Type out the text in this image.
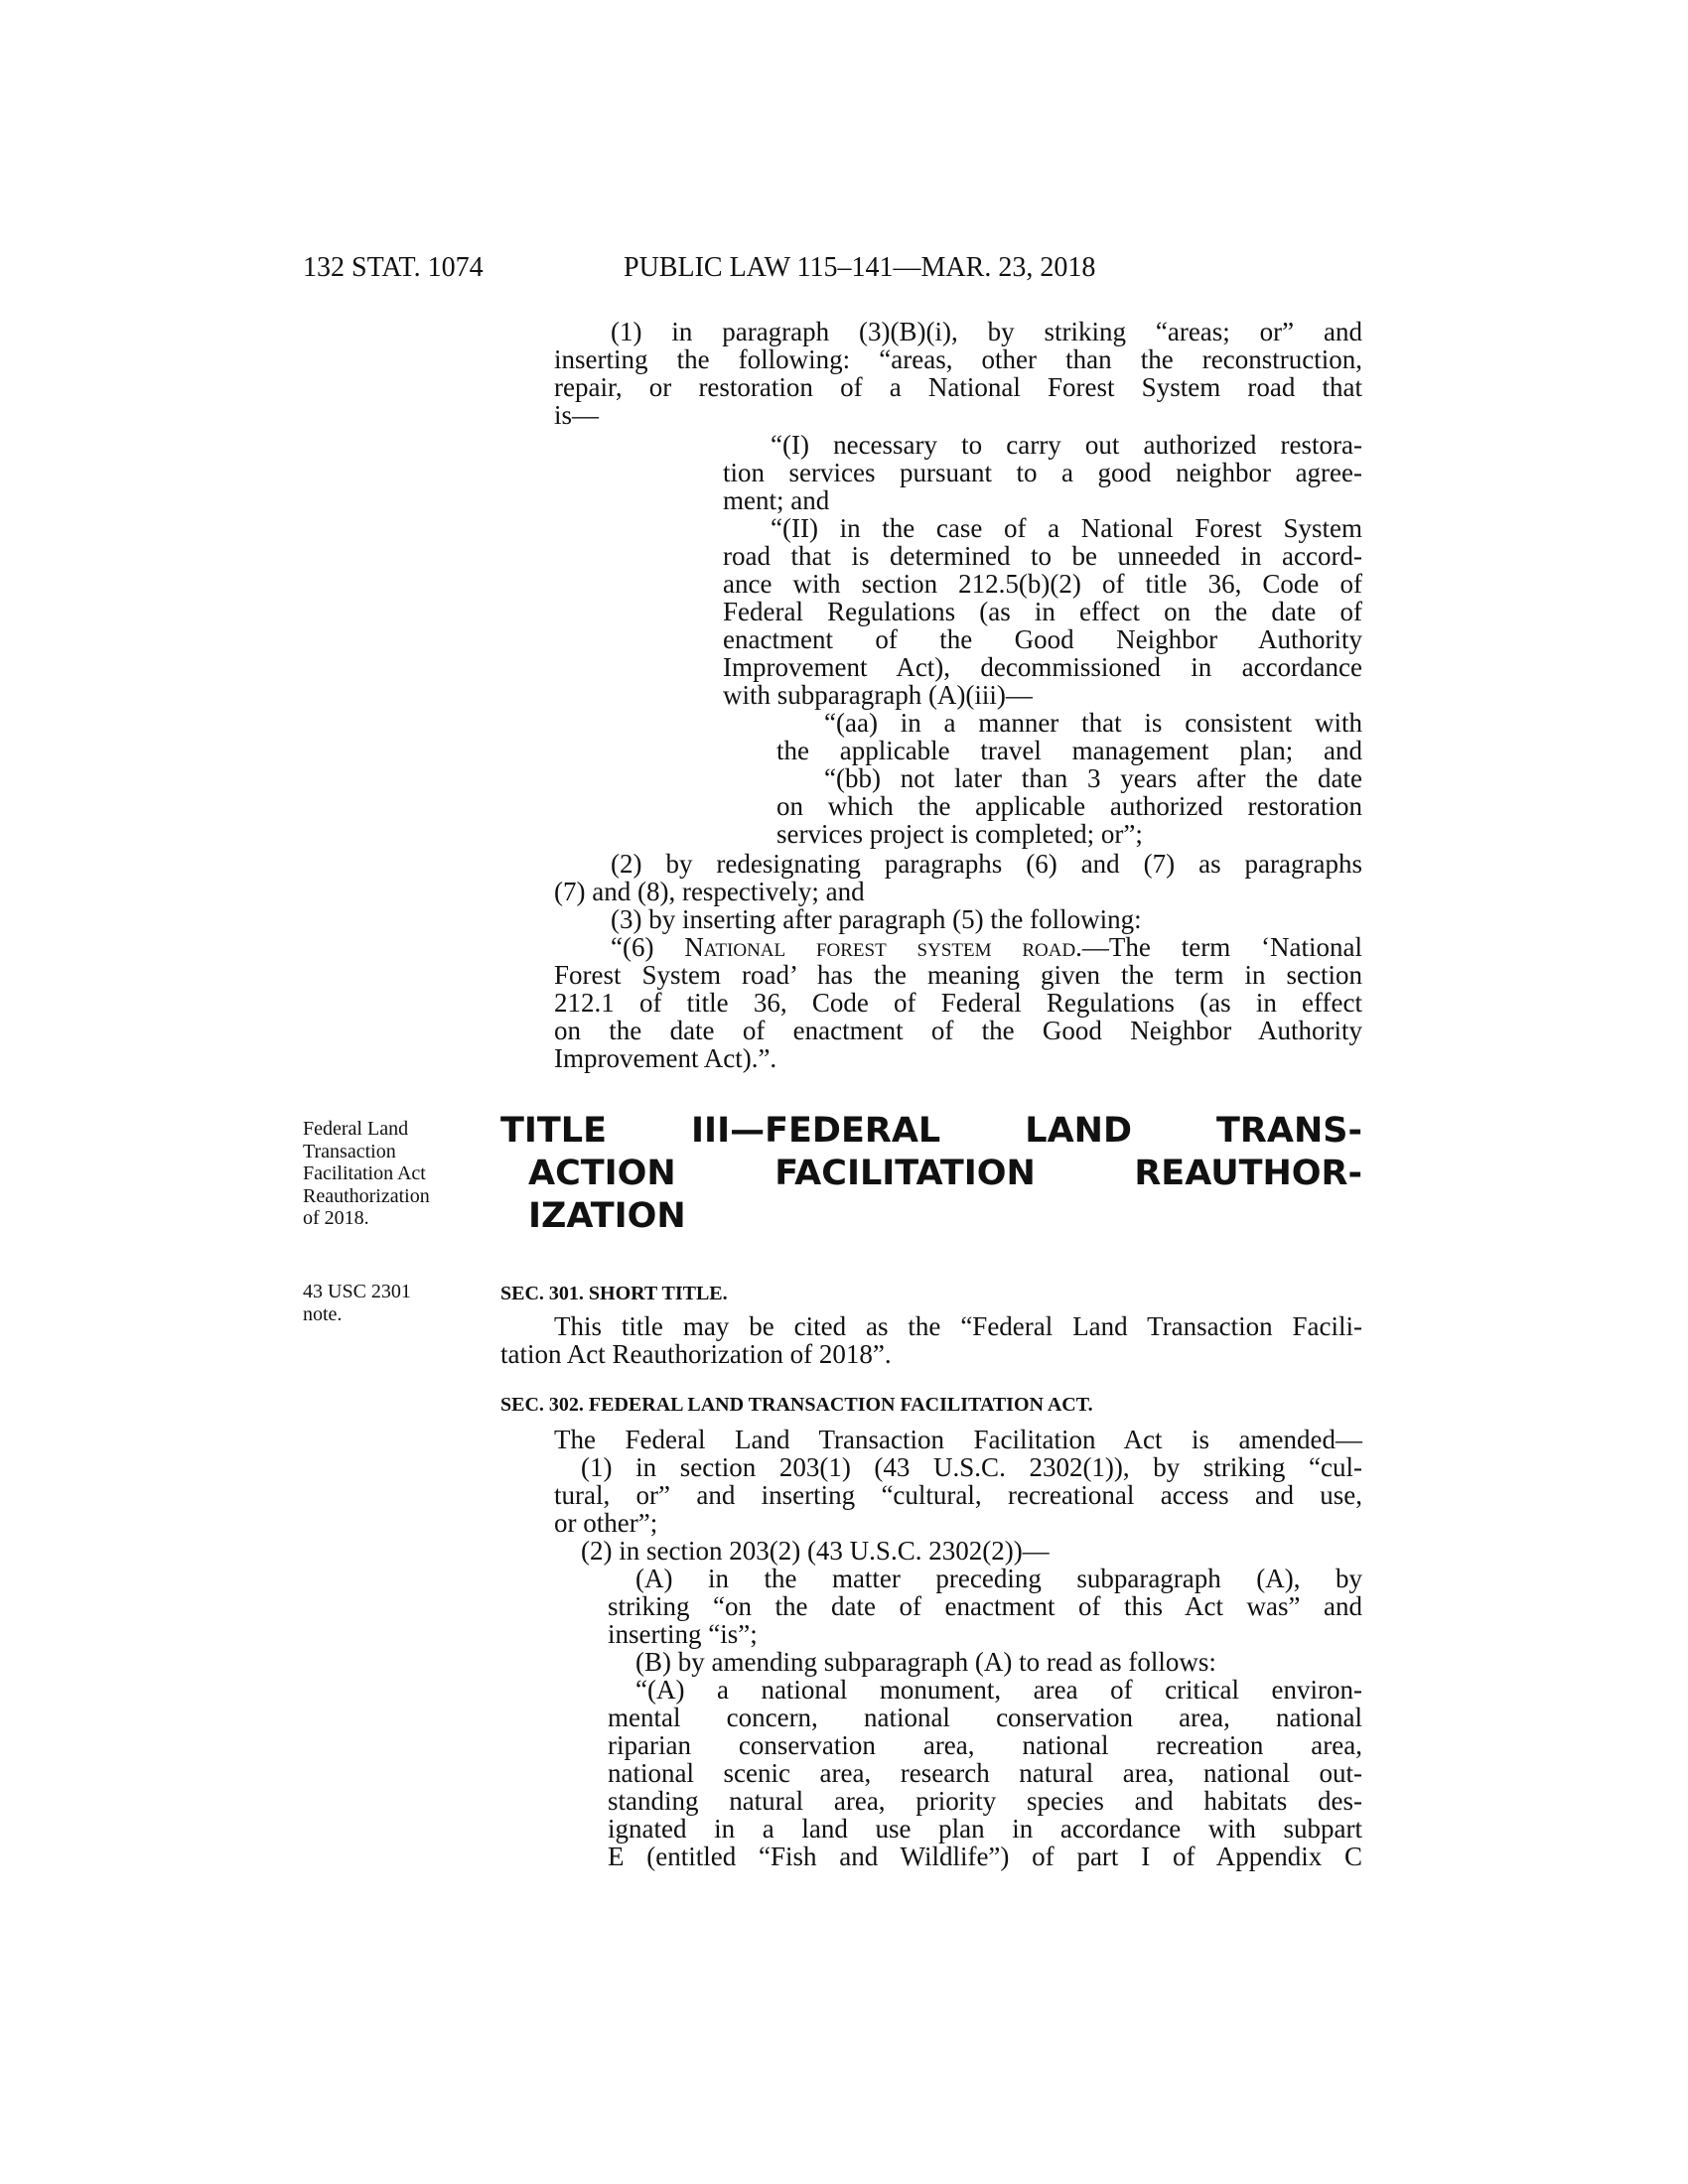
132 STAT. 1074	PUBLIC LAW 115–141—MAR. 23, 2018
(1) in paragraph (3)(B)(i), by striking “areas; or” and
inserting the following: “areas, other than the reconstruction,
repair, or restoration of a National Forest System road that
is—
“(I) necessary to carry out authorized restora-
tion services pursuant to a good neighbor agree-
ment; and
“(II) in the case of a National Forest System
road that is determined to be unneeded in accord-
ance with section 212.5(b)(2) of title 36, Code of
Federal Regulations (as in effect on the date of
enactment of the Good Neighbor Authority
Improvement Act), decommissioned in accordance
with subparagraph (A)(iii)—
“(aa) in a manner that is consistent with
the applicable travel management plan; and
“(bb) not later than 3 years after the date
on which the applicable authorized restoration
services project is completed; or”;
(2) by redesignating paragraphs (6) and (7) as paragraphs
(7) and (8), respectively; and
(3) by inserting after paragraph (5) the following:
“(6) National forest system road.—The term ‘National
Forest System road’ has the meaning given the term in section
212.1 of title 36, Code of Federal Regulations (as in effect
on the date of enactment of the Good Neighbor Authority
Improvement Act).”.
Federal Land
Transaction
Facilitation Act
Reauthorization
of 2018.
TITLE III—FEDERAL LAND TRANS-
ACTION	FACILITATION	REAUTHOR-
IZATION
43 USC 2301
note.
SEC. 301. SHORT TITLE.
This title may be cited as the “Federal Land Transaction Facili-
tation Act Reauthorization of 2018”.
SEC. 302. FEDERAL LAND TRANSACTION FACILITATION ACT.
The Federal Land Transaction Facilitation Act is amended—
(1) in section 203(1) (43 U.S.C. 2302(1)), by striking “cul-
tural, or” and inserting “cultural, recreational access and use,
or other”;
(2) in section 203(2) (43 U.S.C. 2302(2))—
(A) in the matter preceding subparagraph (A), by
striking “on the date of enactment of this Act was” and
inserting “is”;
(B) by amending subparagraph (A) to read as follows:
“(A) a national monument, area of critical environ-
mental concern, national conservation area, national
riparian conservation area, national recreation area,
national scenic area, research natural area, national out-
standing natural area, priority species and habitats des-
ignated in a land use plan in accordance with subpart
E (entitled “Fish and Wildlife”) of part I of Appendix C
